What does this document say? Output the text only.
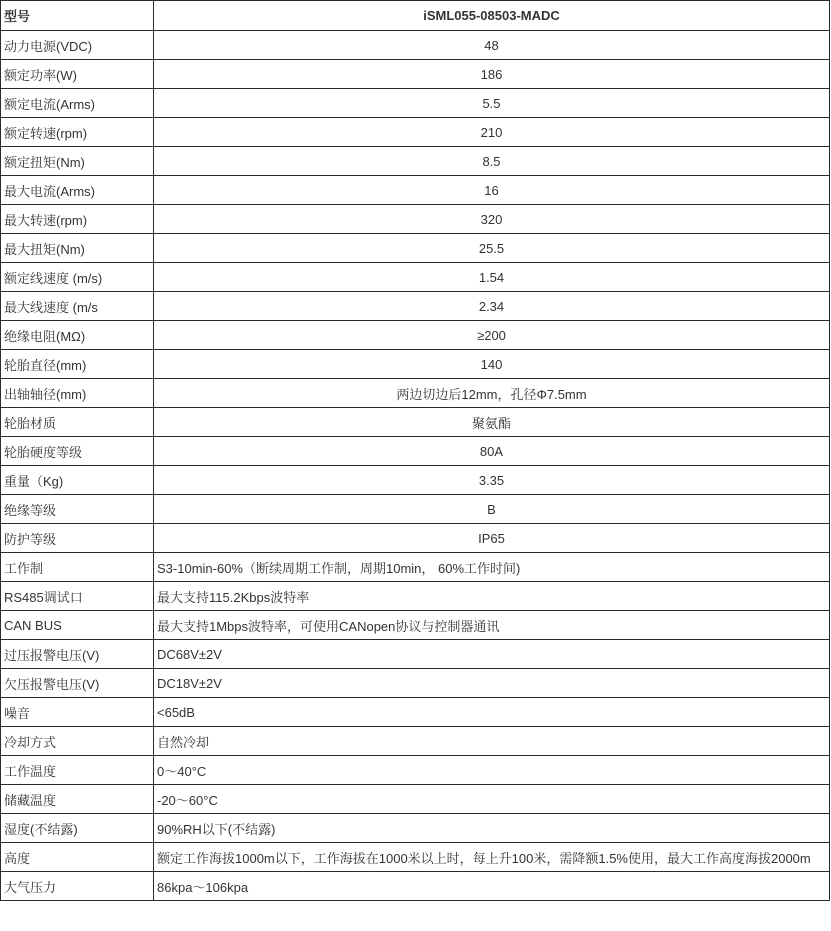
型号	iSML055-08503-MADC
动力电源(VDC)	48
额定功率(W)	186
额定电流(Arms)	5.5
额定转速(rpm)	210
额定扭矩(Nm)	8.5
最大电流(Arms)	16
最大转速(rpm)	320
最大扭矩(Nm)	25.5
额定线速度 (m/s)	1.54
最大线速度 (m/s	2.34
绝缘电阻(MΩ)	≥200
轮胎直径(mm)	140
出轴轴径(mm)	两边切边后12mm，孔径Φ7.5mm
轮胎材质	聚氨酯
轮胎硬度等级	80A
重量（Kg)	3.35
绝缘等级	B
防护等级	IP65
工作制	S3-10min-60%（断续周期工作制，周期10min， 60%工作时间)
RS485调试口	最大支持115.2Kbps波特率
CAN BUS	最大支持1Mbps波特率，可使用CANopen协议与控制器通讯
过压报警电压(V)	DC68V±2V
欠压报警电压(V)	DC18V±2V
噪音	<65dB
冷却方式	自然冷却
工作温度	0～40°C
储藏温度	-20～60°C
湿度(不结露)	90%RH以下(不结露)
高度	额定工作海拔1000m以下，工作海拔在1000米以上时，每上升100米，需降额1.5%使用，最大工作高度海拔2000m
大气压力	86kpa～106kpa
